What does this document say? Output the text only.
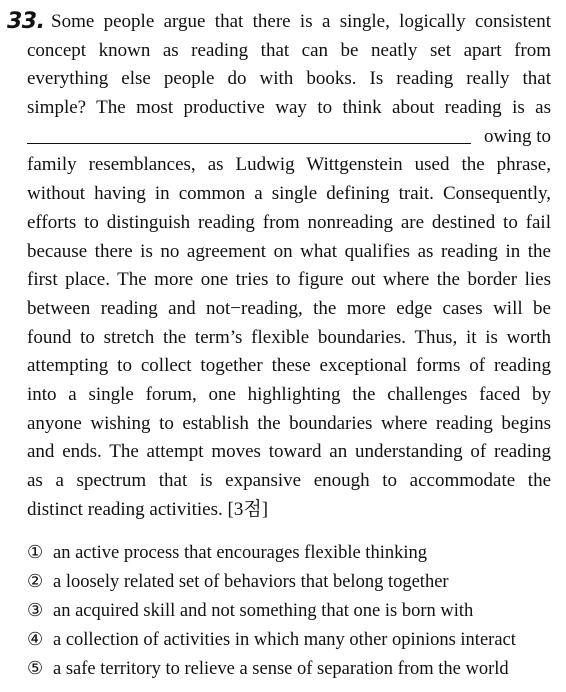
33. Some people argue that there is a single, logically consistent
concept known as reading that can be neatly set apart from
everything else people do with books. Is reading really that
simple? The most productive way to think about reading is as
owing to
family resemblances, as Ludwig Wittgenstein used the phrase,
without having in common a single defining trait. Consequently,
efforts to distinguish reading from nonreading are destined to fail
because there is no agreement on what qualifies as reading in the
first place. The more one tries to figure out where the border lies
between reading and not−reading, the more edge cases will be
found to stretch the term’s flexible boundaries. Thus, it is worth
attempting to collect together these exceptional forms of reading
into a single forum, one highlighting the challenges faced by
anyone wishing to establish the boundaries where reading begins
and ends. The attempt moves toward an understanding of reading
as a spectrum that is expansive enough to accommodate the
distinct reading activities. [3점]
① an active process that encourages flexible thinking
② a loosely related set of behaviors that belong together
③ an acquired skill and not something that one is born with
④ a collection of activities in which many other opinions interact
⑤ a safe territory to relieve a sense of separation from the world
